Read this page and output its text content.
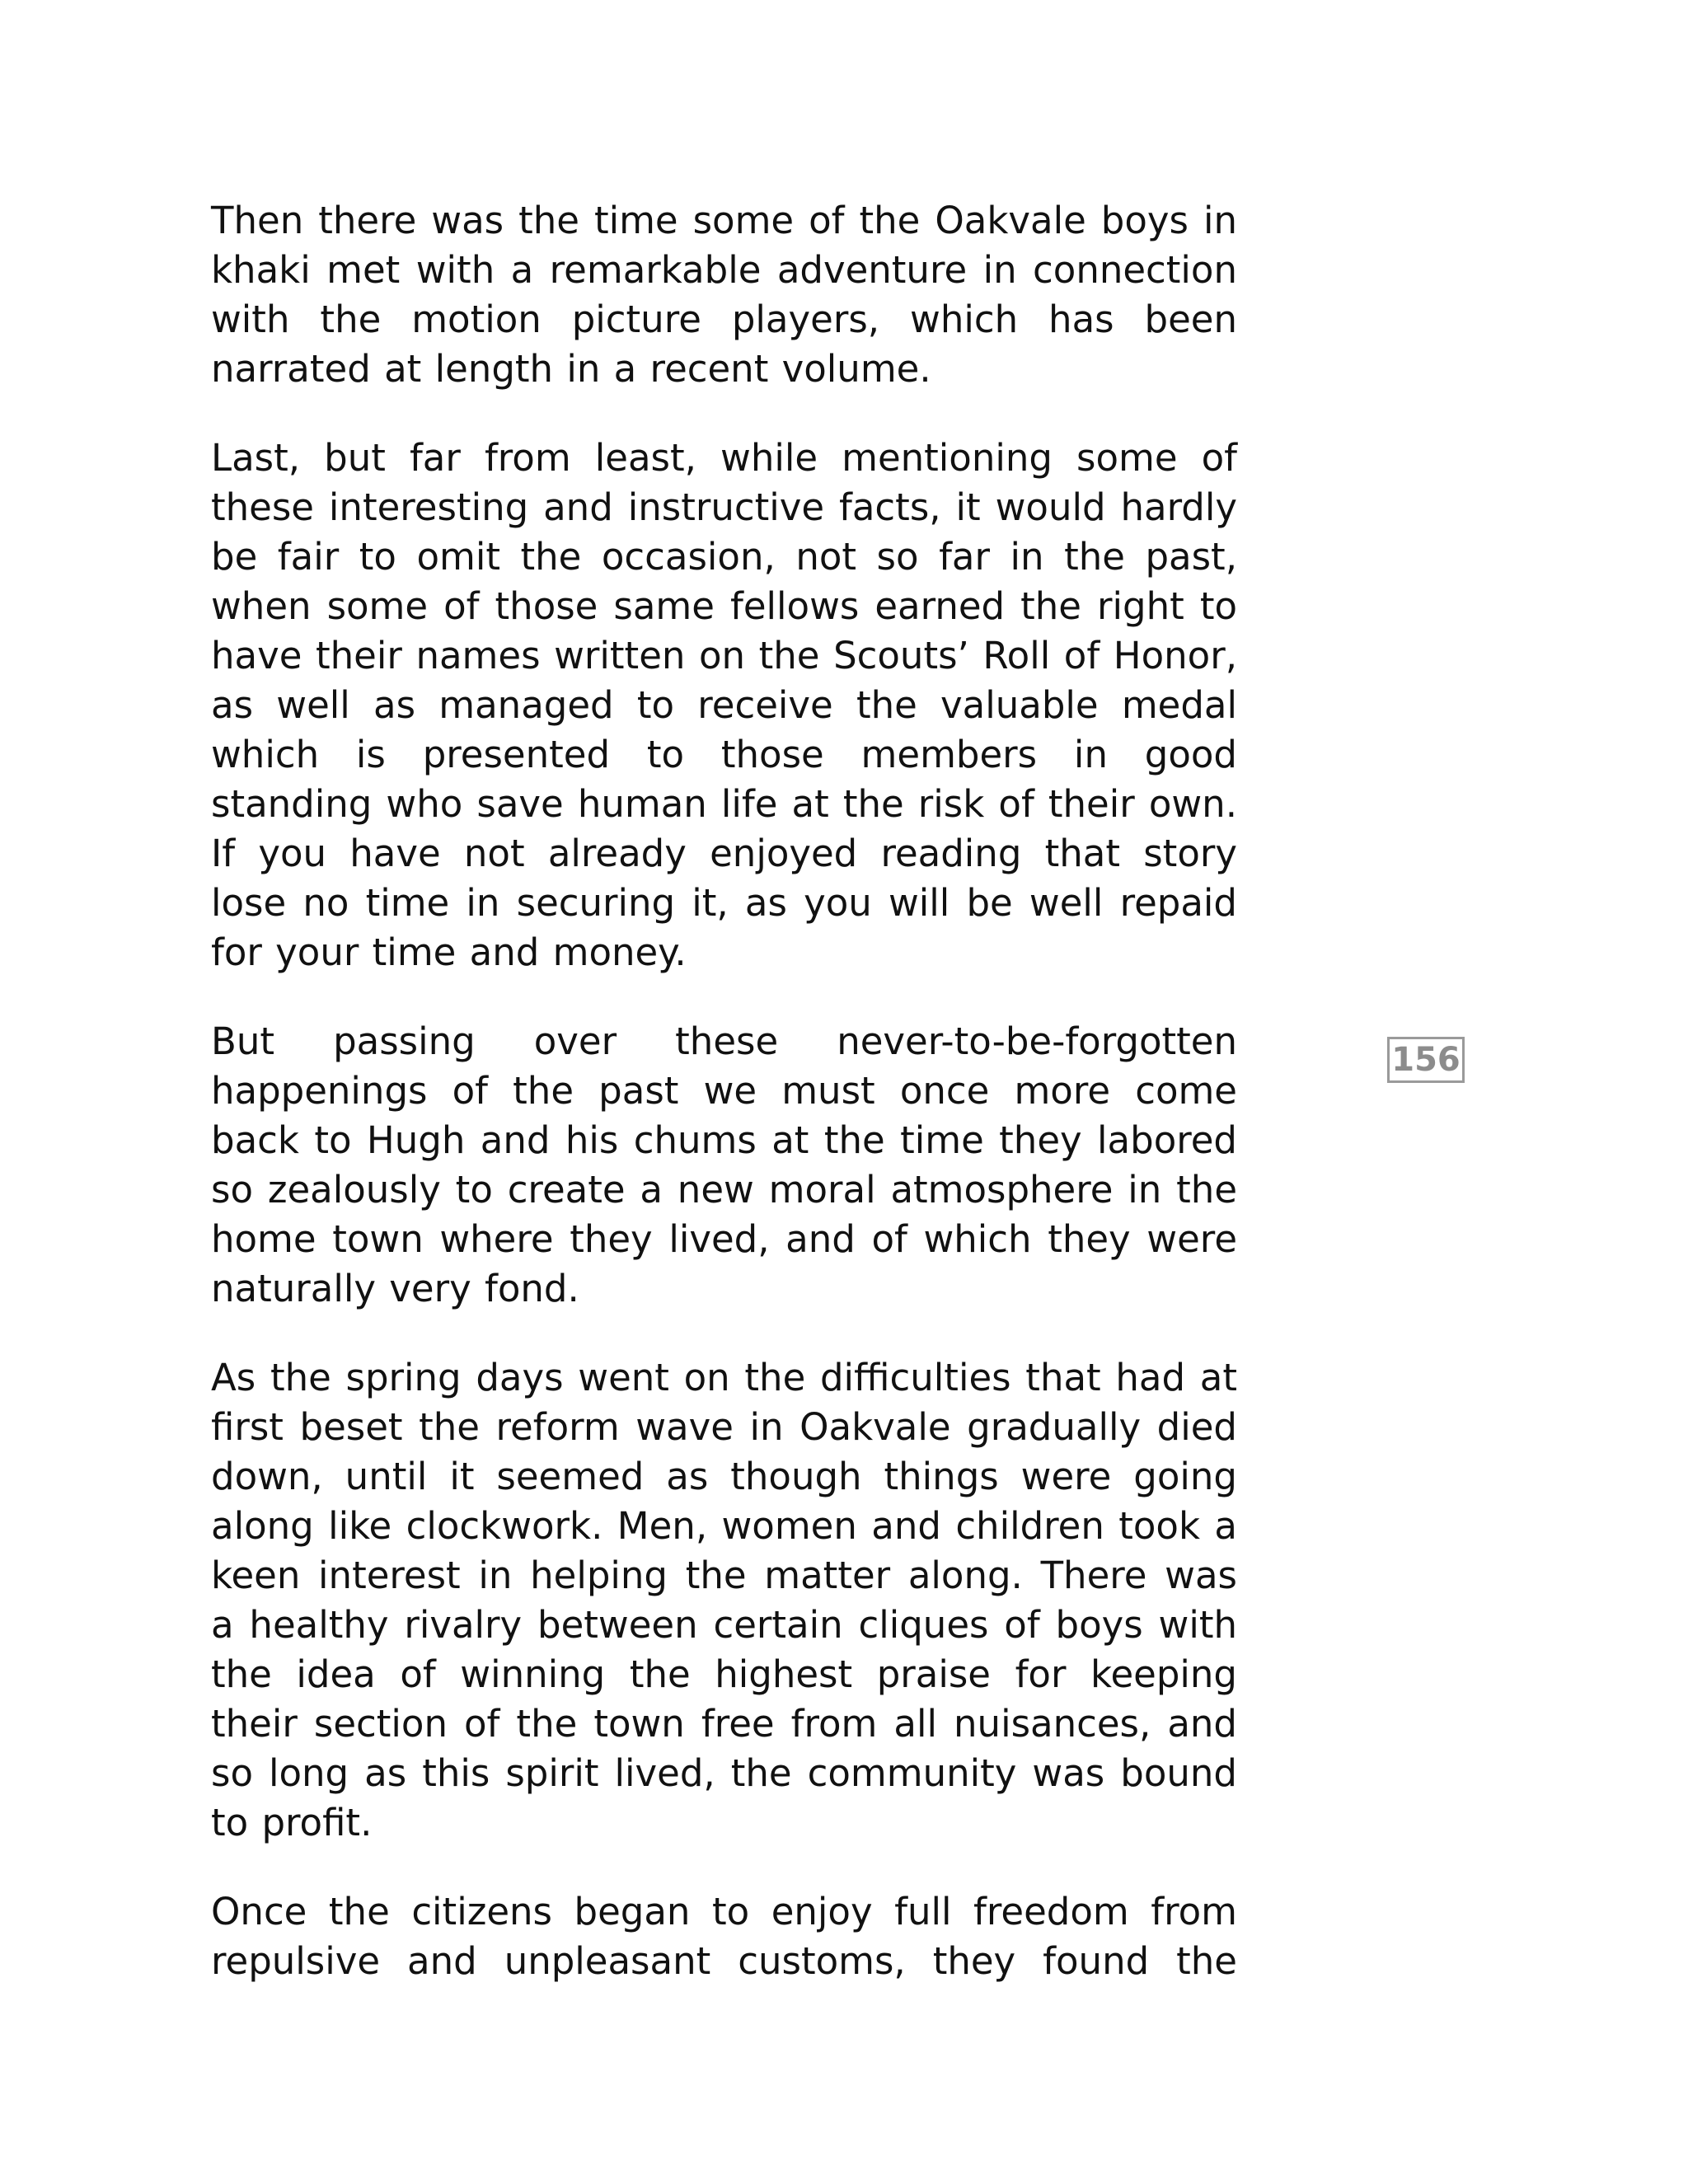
Then there was the time some of the Oakvale boys in khaki met with a remarkable adventure in connection with the motion picture players, which has been narrated at length in a recent volume.

Last, but far from least, while mentioning some of these interesting and instructive facts, it would hardly be fair to omit the occasion, not so far in the past, when some of those same fellows earned the right to have their names written on the Scouts’ Roll of Honor, as well as managed to receive the valuable medal which is presented to those members in good standing who save human life at the risk of their own. If you have not already enjoyed reading that story lose no time in securing it, as you will be well repaid for your time and money.

But passing over these never-to-be-forgotten happenings of the past we must once more come back to Hugh and his chums at the time they labored so zealously to create a new moral atmosphere in the home town where they lived, and of which they were naturally very fond.

As the spring days went on the difficulties that had at first beset the reform wave in Oakvale gradually died down, until it seemed as though things were going along like clockwork. Men, women and children took a keen interest in helping the matter along. There was a healthy rivalry between certain cliques of boys with the idea of winning the highest praise for keeping their section of the town free from all nuisances, and so long as this spirit lived, the community was bound to profit.

Once the citizens began to enjoy full freedom from repulsive and unpleasant customs, they found the

156
